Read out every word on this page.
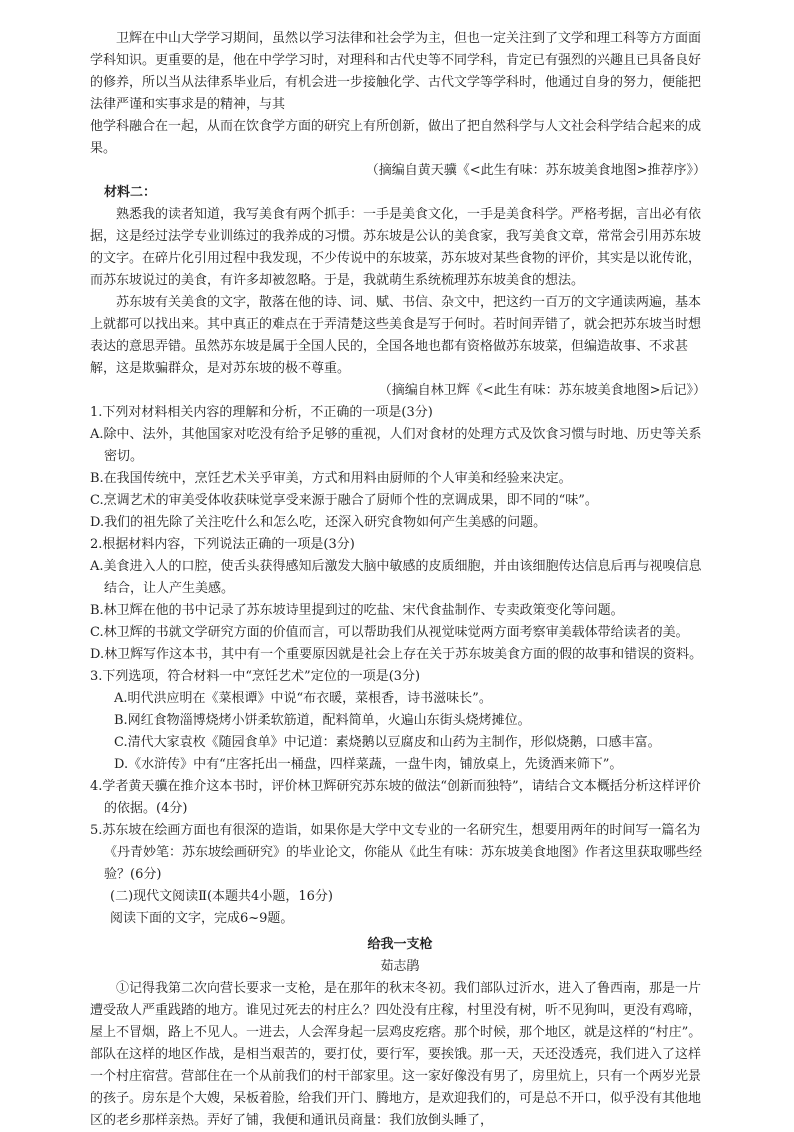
卫辉在中山大学学习期间，虽然以学习法律和社会学为主，但也一定关注到了文学和理工科等方方面面学科知识。更重要的是，他在中学学习时，对理科和古代史等不同学科，肯定已有强烈的兴趣且已具备良好的修养，所以当从法律系毕业后，有机会进一步接触化学、古代文学等学科时，他通过自身的努力，便能把法律严谨和实事求是的精神，与其

他学科融合在一起，从而在饮食学方面的研究上有所创新，做出了把自然科学与人文社会科学结合起来的成果。

（摘编自黄天骥《<此生有味：苏东坡美食地图>推荐序》）

材料二：

熟悉我的读者知道，我写美食有两个抓手：一手是美食文化，一手是美食科学。严格考据，言出必有依据，这是经过法学专业训练过的我养成的习惯。苏东坡是公认的美食家，我写美食文章，常常会引用苏东坡的文字。在碎片化引用过程中我发现，不少传说中的东坡菜，苏东坡对某些食物的评价，其实是以讹传讹，而苏东坡说过的美食，有许多却被忽略。于是，我就萌生系统梳理苏东坡美食的想法。

苏东坡有关美食的文字，散落在他的诗、词、赋、书信、杂文中，把这约一百万的文字通读两遍，基本上就都可以找出来。其中真正的难点在于弄清楚这些美食是写于何时。若时间弄错了，就会把苏东坡当时想表达的意思弄错。虽然苏东坡是属于全国人民的，全国各地也都有资格做苏东坡菜，但编造故事、不求甚解，这是欺骗群众，是对苏东坡的极不尊重。

（摘编自林卫辉《<此生有味：苏东坡美食地图>后记》）

1.下列对材料相关内容的理解和分析，不正确的一项是(3分)

A.除中、法外，其他国家对吃没有给予足够的重视，人们对食材的处理方式及饮食习惯与时地、历史等关系密切。

B.在我国传统中，烹饪艺术关乎审美，方式和用料由厨师的个人审美和经验来决定。

C.烹调艺术的审美受体收获味觉享受来源于融合了厨师个性的烹调成果，即不同的“味”。

D.我们的祖先除了关注吃什么和怎么吃，还深入研究食物如何产生美感的问题。

2.根据材料内容，下列说法正确的一项是(3分)

A.美食进入人的口腔，使舌头获得感知后激发大脑中敏感的皮质细胞，并由该细胞传达信息后再与视嗅信息结合，让人产生美感。

B.林卫辉在他的书中记录了苏东坡诗里提到过的吃盐、宋代食盐制作、专卖政策变化等问题。

C.林卫辉的书就文学研究方面的价值而言，可以帮助我们从视觉味觉两方面考察审美载体带给读者的美。

D.林卫辉写作这本书，其中有一个重要原因就是社会上存在关于苏东坡美食方面的假的故事和错误的资料。

3.下列选项，符合材料一中“烹饪艺术”定位的一项是(3分)

A.明代洪应明在《菜根谭》中说“布衣暖，菜根香，诗书滋味长”。

B.网红食物淄博烧烤小饼柔软筋道，配料简单，火遍山东街头烧烤摊位。

C.清代大家袁枚《随园食单》中记道：素烧鹅以豆腐皮和山药为主制作，形似烧鹅，口感丰富。

D.《水浒传》中有“庄客托出一桶盘，四样菜蔬，一盘牛肉，铺放桌上，先烫酒来筛下”。

4.学者黄天骥在推介这本书时，评价林卫辉研究苏东坡的做法“创新而独特”，请结合文本概括分析这样评价的依据。(4分)

5.苏东坡在绘画方面也有很深的造诣，如果你是大学中文专业的一名研究生，想要用两年的时间写一篇名为《丹青妙笔：苏东坡绘画研究》的毕业论文，你能从《此生有味：苏东坡美食地图》作者这里获取哪些经验？(6分)

(二)现代文阅读Ⅱ(本题共4小题，16分)

阅读下面的文字，完成6~9题。

给我一支枪

茹志鹃

①记得我第二次向营长要求一支枪，是在那年的秋末冬初。我们部队过沂水，进入了鲁西南，那是一片遭受敌人严重践踏的地方。谁见过死去的村庄么？四处没有庄稼，村里没有树，听不见狗叫，更没有鸡啼，屋上不冒烟，路上不见人。一进去，人会浑身起一层鸡皮疙瘩。那个时候，那个地区，就是这样的“村庄”。部队在这样的地区作战，是相当艰苦的，要打仗，要行军，要挨饿。那一天，天还没透亮，我们进入了这样一个村庄宿营。营部住在一个从前我们的村干部家里。这一家好像没有男了，房里炕上，只有一个两岁光景的孩子。房东是个大嫂，呆板着脸，给我们开门、腾地方，是欢迎我们的，可是总不开口，似乎没有其他地区的老乡那样亲热。弄好了铺，我便和通讯员商量：我们放倒头睡了，
